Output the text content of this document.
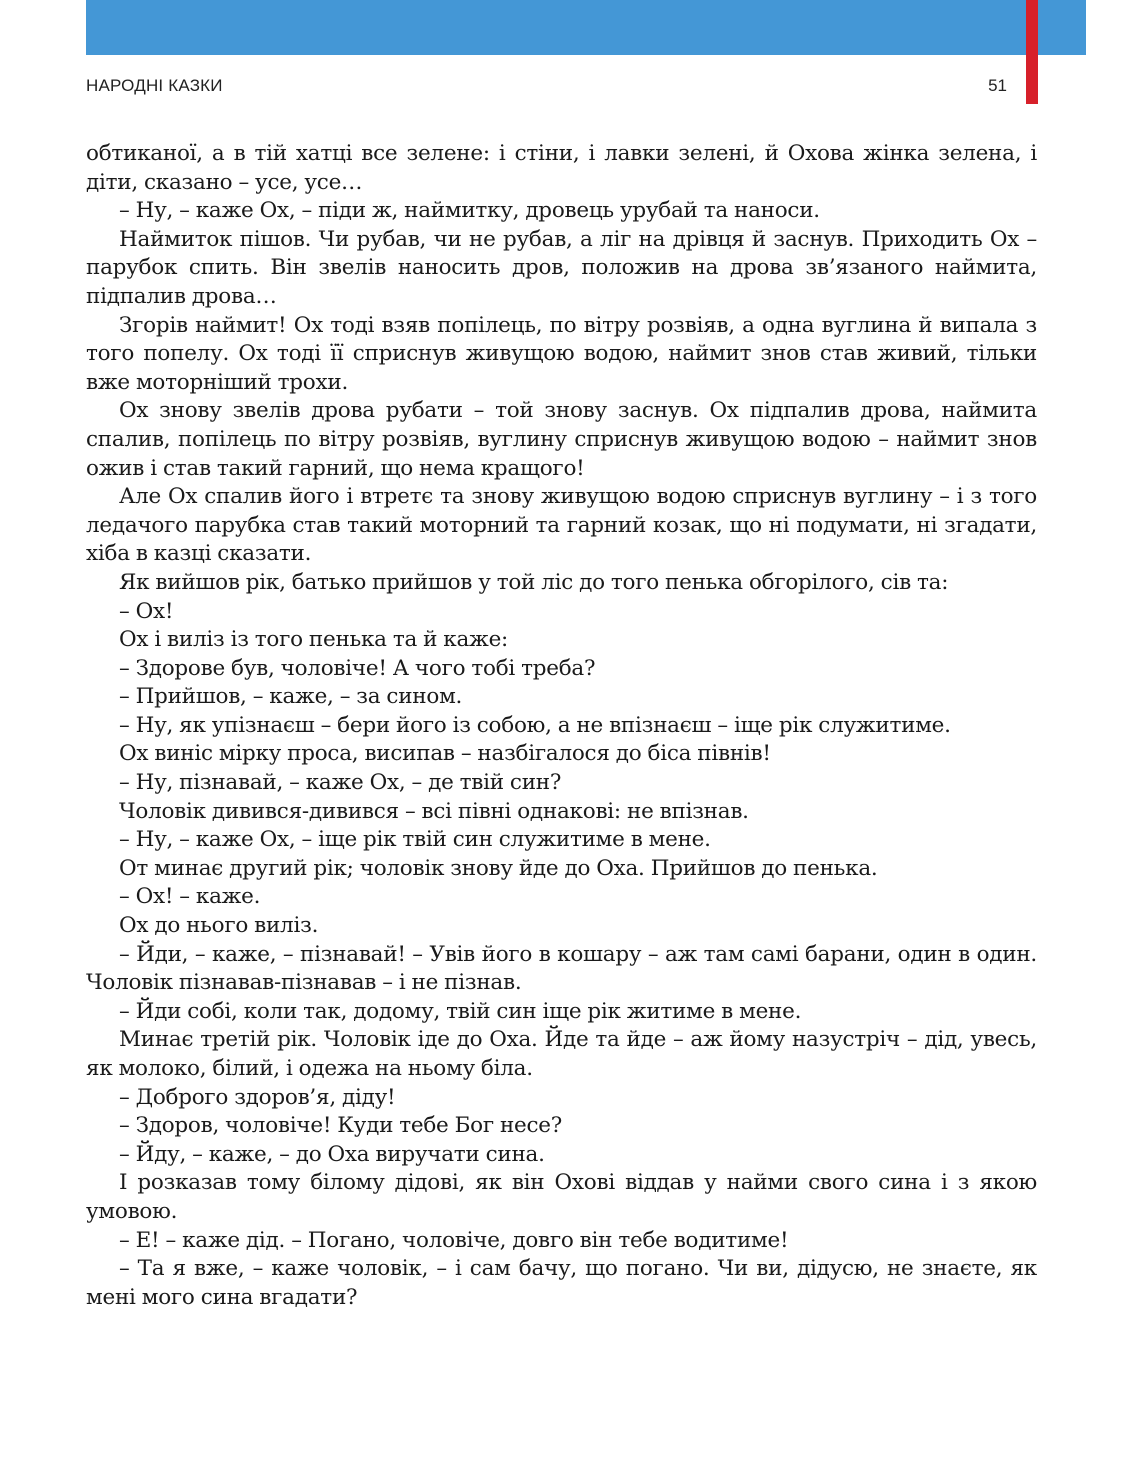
НАРОДНІ КАЗКИ	51

обтиканої, а в тій хатці все зелене: і стіни, і лавки зелені, й Охова жінка зелена, і діти, сказано – усе, усе…

– Ну, – каже Ох, – піди ж, наймитку, дровець урубай та наноси.

Наймиток пішов. Чи рубав, чи не рубав, а ліг на дрівця й заснув. Приходить Ох – парубок спить. Він звелів наносить дров, положив на дрова зв’язаного наймита, підпалив дрова…

Згорів наймит! Ох тоді взяв попілець, по вітру розвіяв, а одна вуглина й випала з того попелу. Ох тоді її сприснув живущою водою, наймит знов став живий, тільки вже моторніший трохи.

Ох знову звелів дрова рубати – той знову заснув. Ох підпалив дрова, наймита спалив, попілець по вітру розвіяв, вуглину сприснув живущою водою – наймит знов ожив і став такий гарний, що нема кращого!

Але Ох спалив його і втретє та знову живущою водою сприснув вуглину – і з того ледачого парубка став такий моторний та гарний козак, що ні подумати, ні згадати, хіба в казці сказати.

Як вийшов рік, батько прийшов у той ліс до того пенька обгорілого, сів та:

– Ох!

Ох і виліз із того пенька та й каже:

– Здорове був, чоловіче! А чого тобі треба?

– Прийшов, – каже, – за сином.

– Ну, як упізнаєш – бери його із собою, а не впізнаєш – іще рік служитиме.

Ох виніс мірку проса, висипав – назбігалося до біса півнів!

– Ну, пізнавай, – каже Ох, – де твій син?

Чоловік дивився-дивився – всі півні однакові: не впізнав.

– Ну, – каже Ох, – іще рік твій син служитиме в мене.

От минає другий рік; чоловік знову йде до Оха. Прийшов до пенька.

– Ох! – каже.

Ох до нього виліз.

– Йди, – каже, – пізнавай! – Увів його в кошару – аж там самі барани, один в один. Чоловік пізнавав-пізнавав – і не пізнав.

– Йди собі, коли так, додому, твій син іще рік житиме в мене.

Минає третій рік. Чоловік іде до Оха. Йде та йде – аж йому назустріч – дід, увесь, як молоко, білий, і одежа на ньому біла.

– Доброго здоров’я, діду!

– Здоров, чоловіче! Куди тебе Бог несе?

– Йду, – каже, – до Оха виручати сина.

І розказав тому білому дідові, як він Охові віддав у найми свого сина і з якою умовою.

– Е! – каже дід. – Погано, чоловіче, довго він тебе водитиме!

– Та я вже, – каже чоловік, – і сам бачу, що погано. Чи ви, дідусю, не знаєте, як мені мого сина вгадати?
